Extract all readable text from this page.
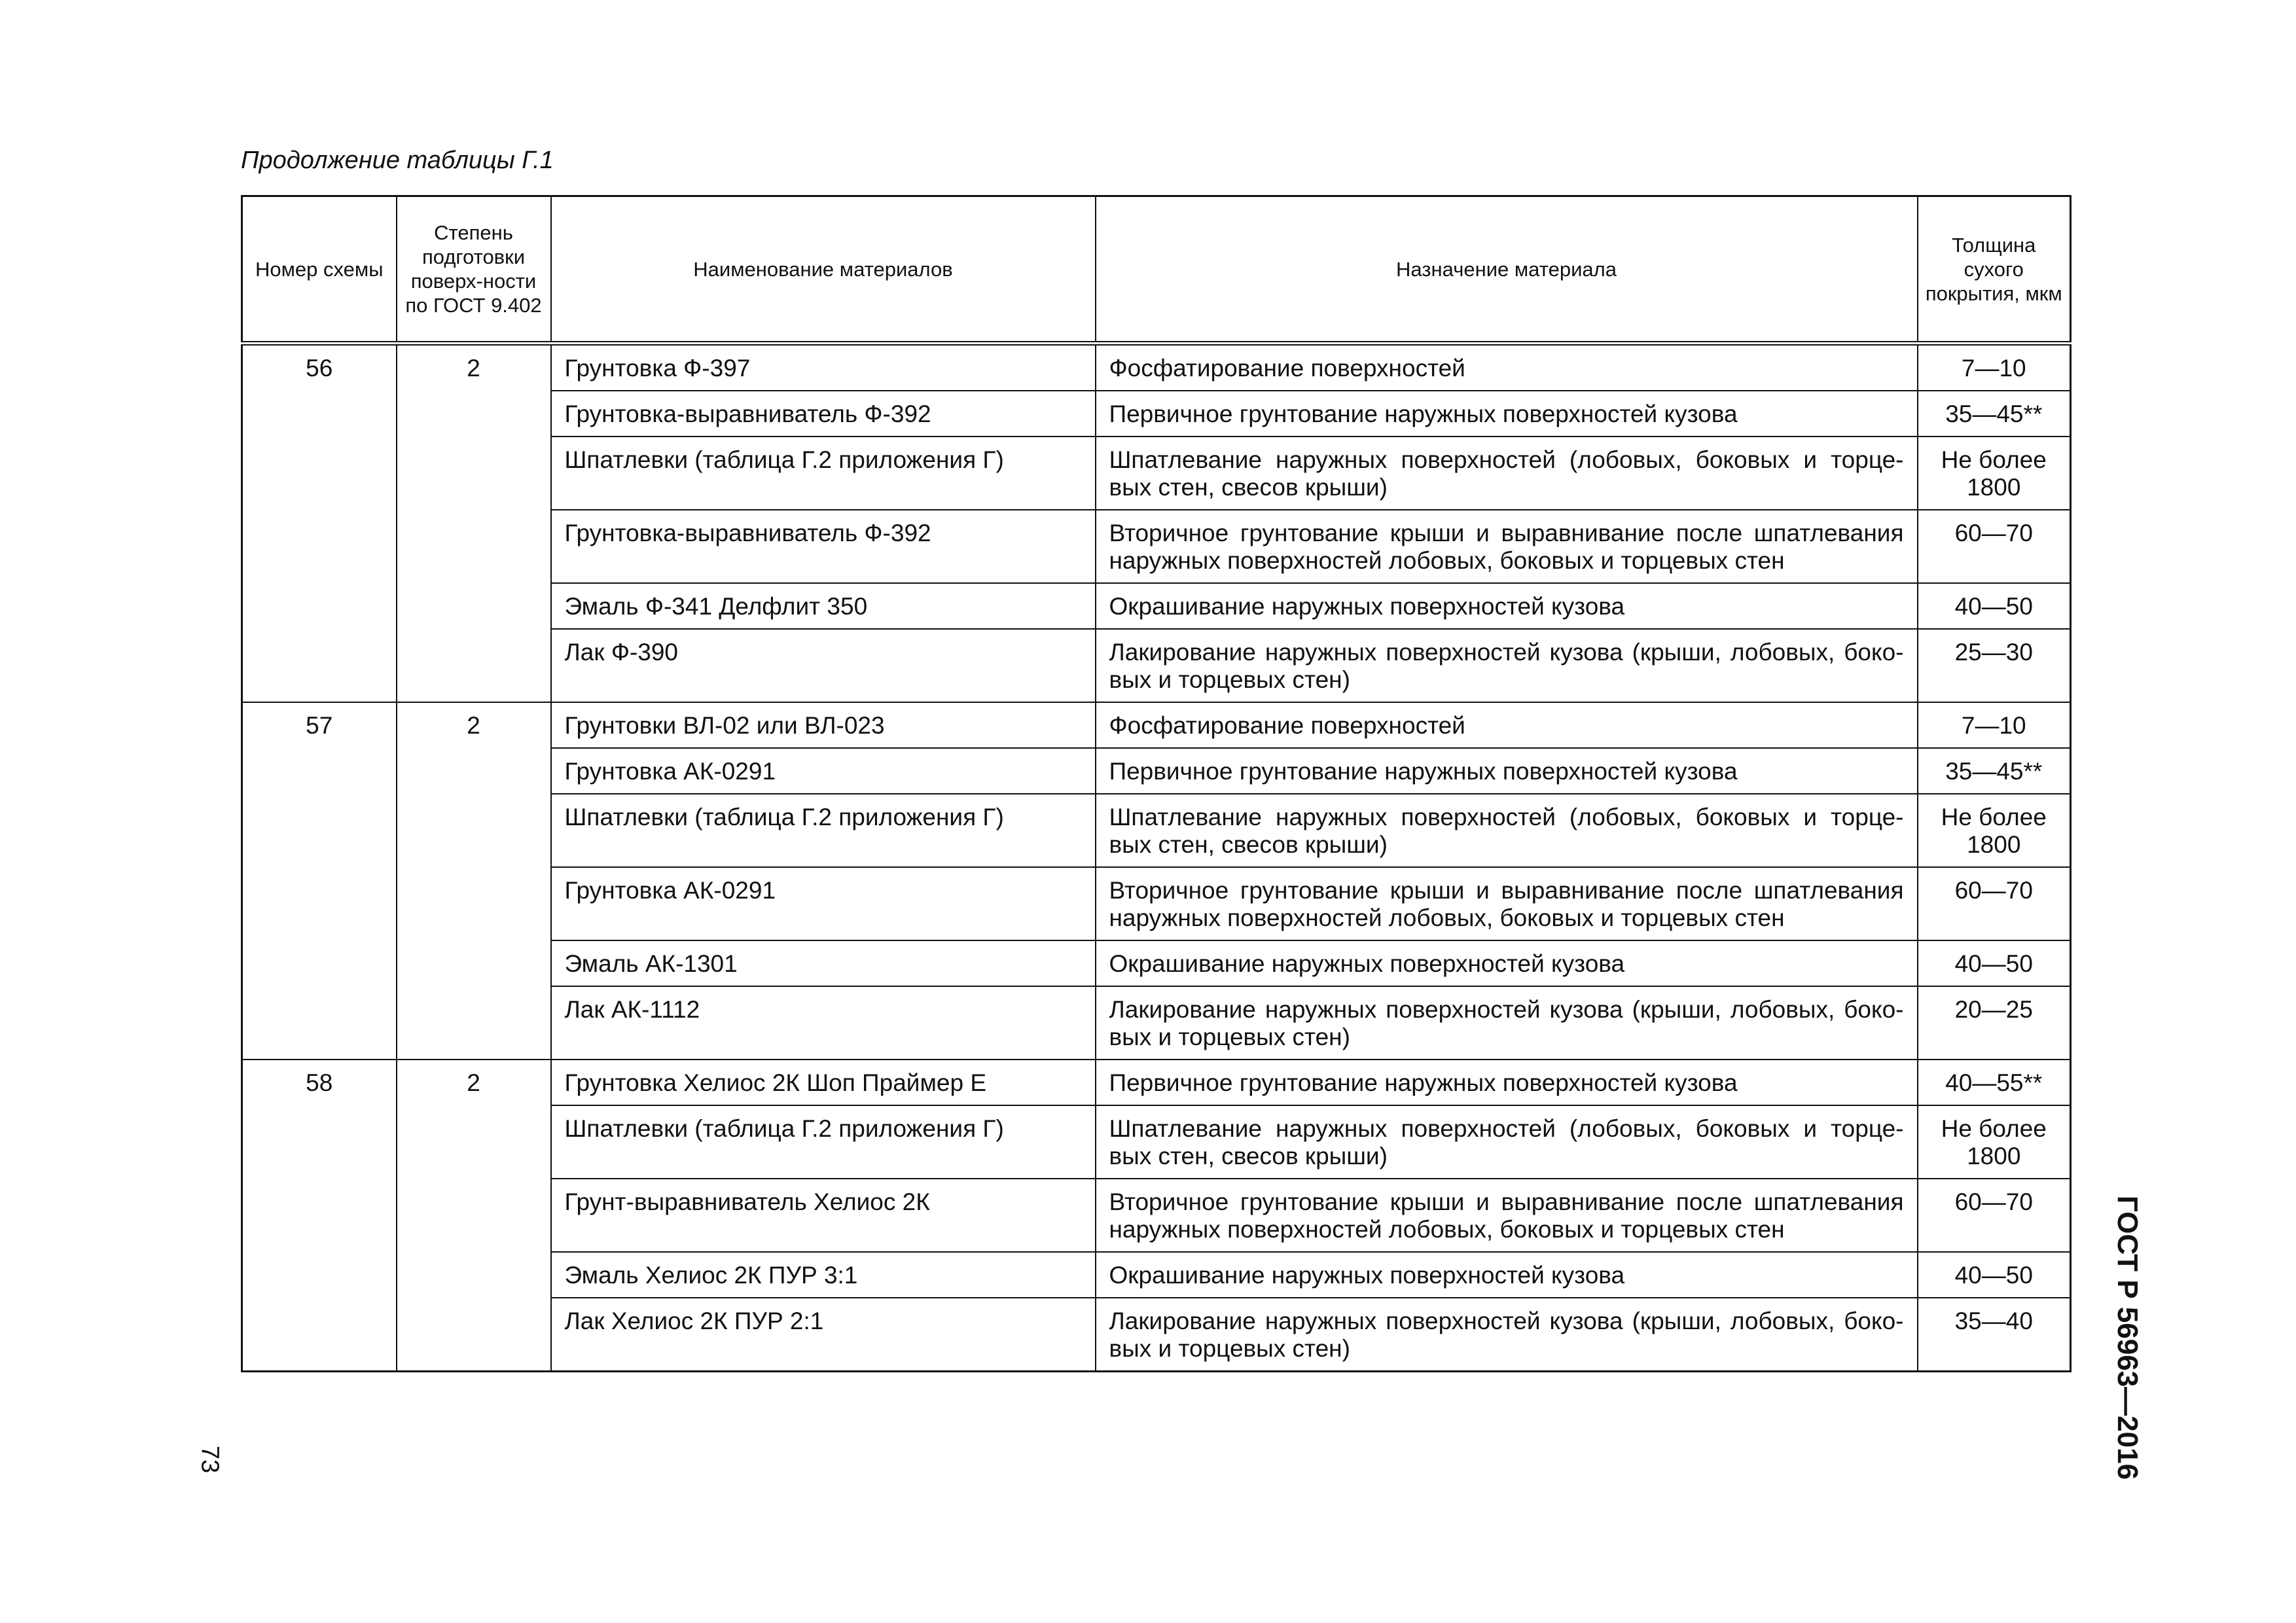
Продолжение таблицы Г.1
Номер схемы	Степень подготовки поверх-ности по ГОСТ 9.402	Наименование материалов	Назначение материала	Толщина сухого покрытия, мкм
56	2	Грунтовка Ф-397	Фосфатирование поверхностей	7—10
		Грунтовка-выравниватель Ф-392	Первичное грунтование наружных поверхностей кузова	35—45**
		Шпатлевки (таблица Г.2 приложения Г)	Шпатлевание наружных поверхностей (лобовых, боковых и торце-вых стен, свесов крыши)	Не более 1800
		Грунтовка-выравниватель Ф-392	Вторичное грунтование крыши и выравнивание после шпатлевания наружных поверхностей лобовых, боковых и торцевых стен	60—70
		Эмаль Ф-341 Делфлит 350	Окрашивание наружных поверхностей кузова	40—50
		Лак Ф-390	Лакирование наружных поверхностей кузова (крыши, лобовых, боко-вых и торцевых стен)	25—30
57	2	Грунтовки ВЛ-02 или ВЛ-023	Фосфатирование поверхностей	7—10
		Грунтовка АК-0291	Первичное грунтование наружных поверхностей кузова	35—45**
		Шпатлевки (таблица Г.2 приложения Г)	Шпатлевание наружных поверхностей (лобовых, боковых и торце-вых стен, свесов крыши)	Не более 1800
		Грунтовка АК-0291	Вторичное грунтование крыши и выравнивание после шпатлевания наружных поверхностей лобовых, боковых и торцевых стен	60—70
		Эмаль АК-1301	Окрашивание наружных поверхностей кузова	40—50
		Лак АК-1112	Лакирование наружных поверхностей кузова (крыши, лобовых, боко-вых и торцевых стен)	20—25
58	2	Грунтовка Хелиос 2К Шоп Праймер Е	Первичное грунтование наружных поверхностей кузова	40—55**
		Шпатлевки (таблица Г.2 приложения Г)	Шпатлевание наружных поверхностей (лобовых, боковых и торце-вых стен, свесов крыши)	Не более 1800
		Грунт-выравниватель Хелиос 2К	Вторичное грунтование крыши и выравнивание после шпатлевания наружных поверхностей лобовых, боковых и торцевых стен	60—70
		Эмаль Хелиос 2К ПУР 3:1	Окрашивание наружных поверхностей кузова	40—50
		Лак Хелиос 2К ПУР 2:1	Лакирование наружных поверхностей кузова (крыши, лобовых, боко-вых и торцевых стен)	35—40	ГОСТ Р 56963—2016
73
